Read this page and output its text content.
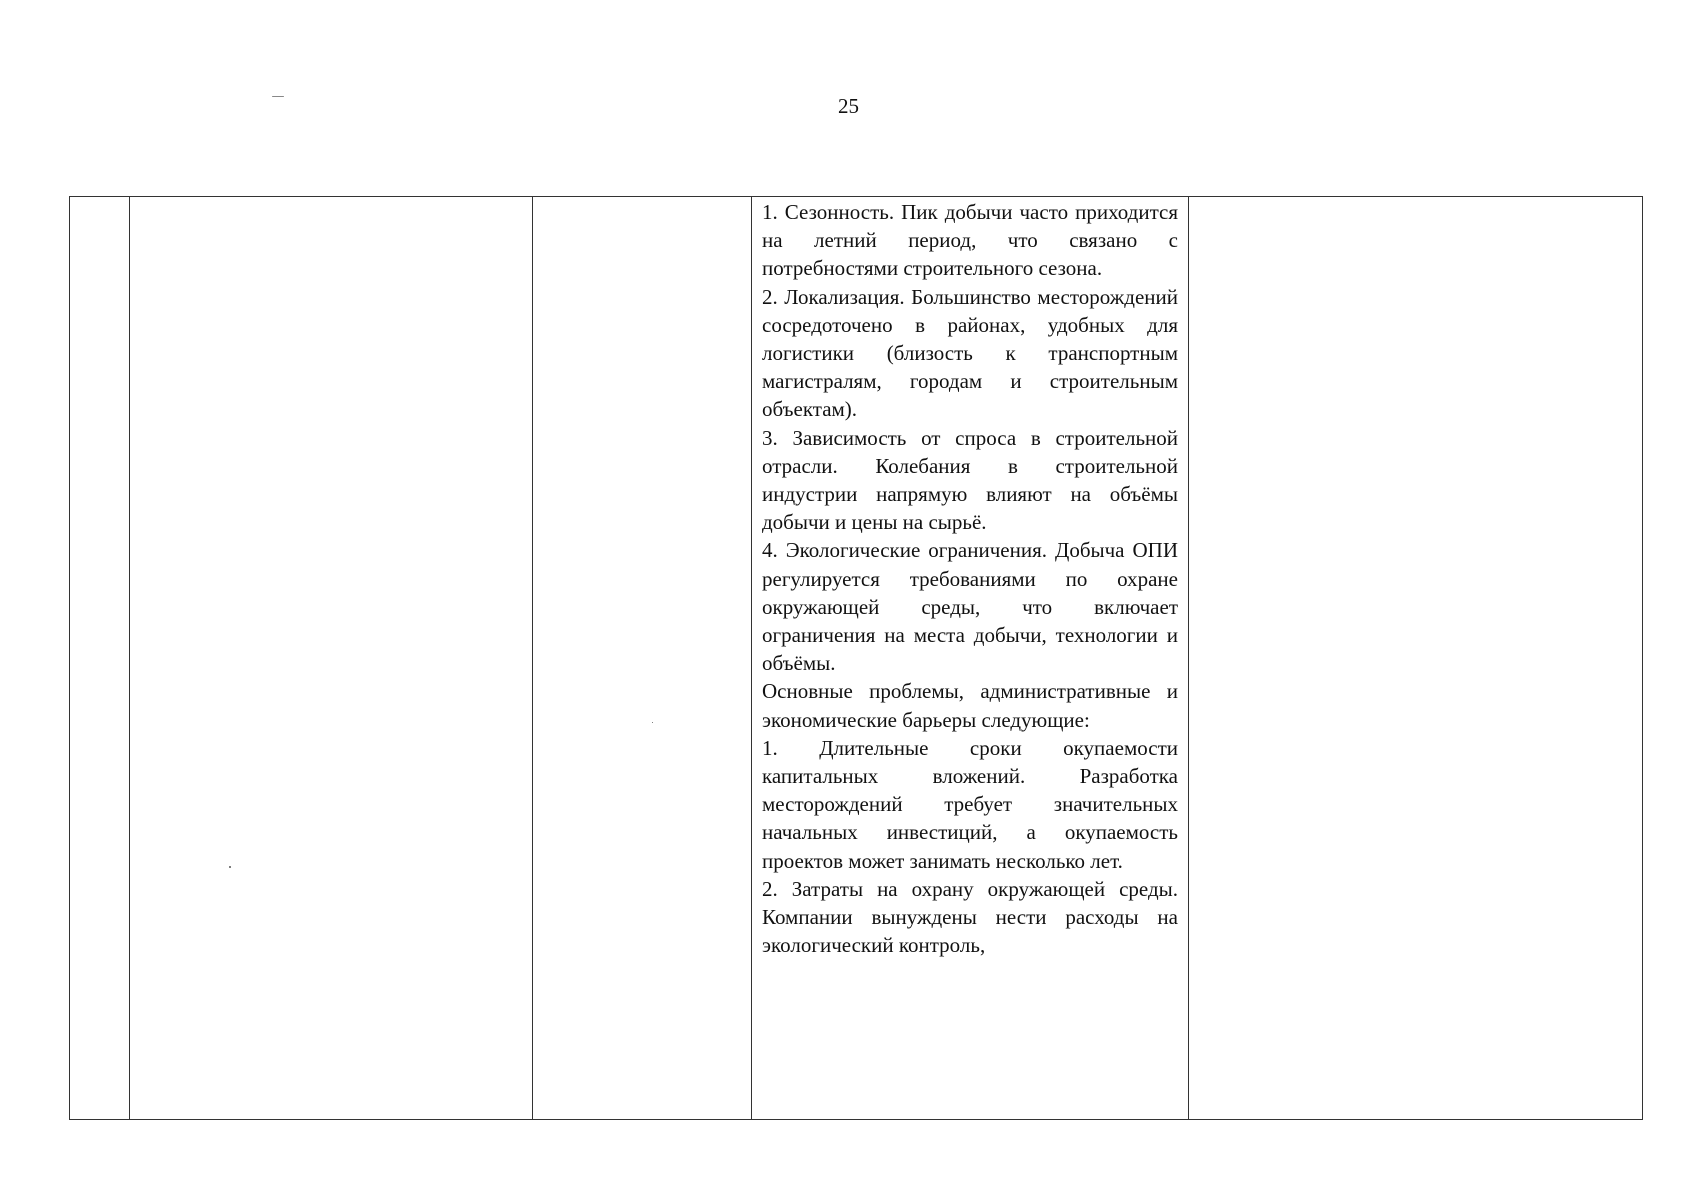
25

1. Сезонность. Пик добычи часто приходится на летний период, что связано с потребностями строительного сезона.

2. Локализация. Большинство месторождений сосредоточено в районах, удобных для логистики (близость к транспортным магистралям, городам и строительным объектам).

3. Зависимость от спроса в строительной отрасли. Колебания в строительной индустрии напрямую влияют на объёмы добычи и цены на сырьё.

4. Экологические ограничения. Добыча ОПИ регулируется требованиями по охране окружающей среды, что включает ограничения на места добычи, технологии и объёмы.

Основные проблемы, административные и экономические барьеры следующие:

1. Длительные сроки окупаемости капитальных вложений. Разработка месторождений требует значительных начальных инвестиций, а окупаемость проектов может занимать несколько лет.

2. Затраты на охрану окружающей среды. Компании вынуждены нести расходы на экологический контроль,
